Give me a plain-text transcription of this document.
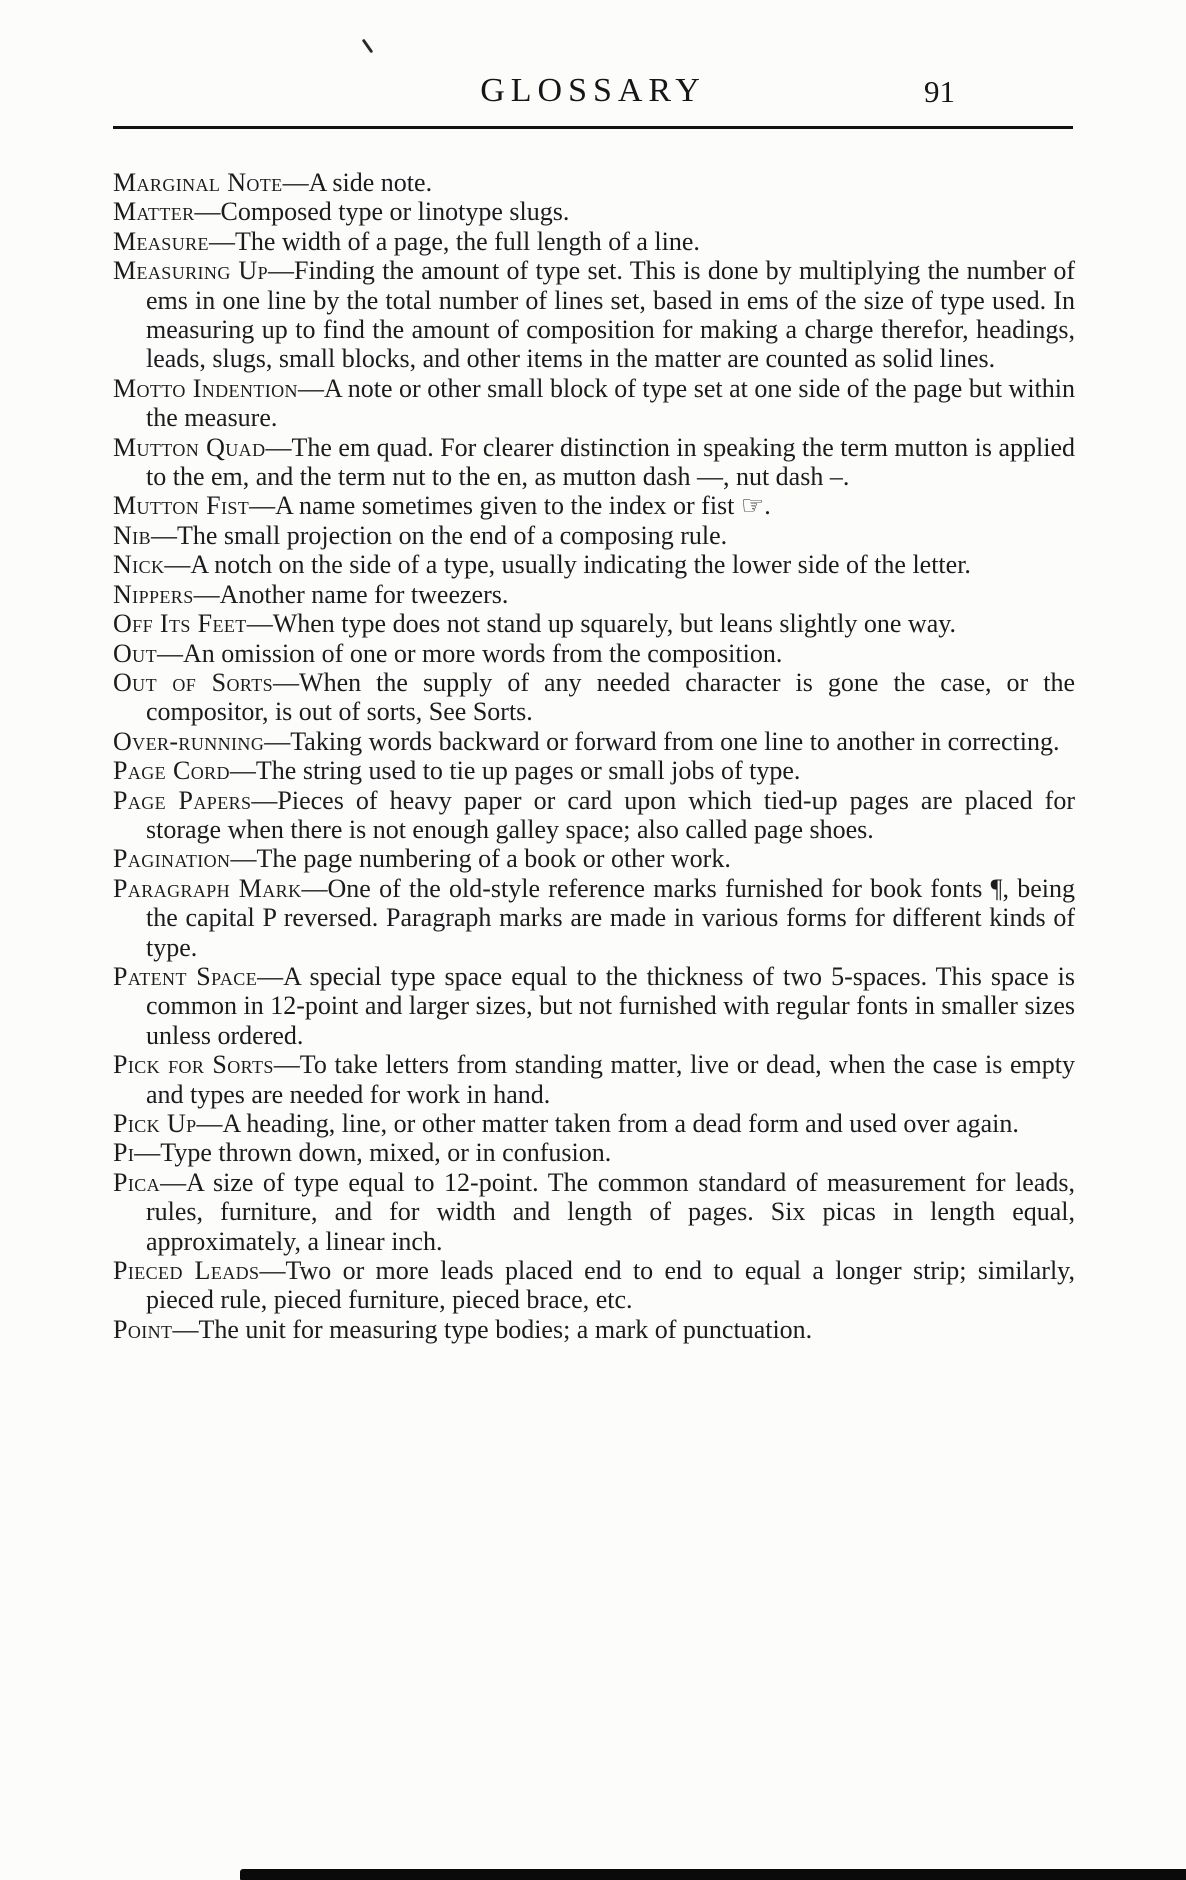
GLOSSARY	91

Marginal Note—A side note.

Matter—Composed type or linotype slugs.

Measure—The width of a page, the full length of a line.

Measuring Up—Finding the amount of type set. This is done by multiplying the number of ems in one line by the total number of lines set, based in ems of the size of type used. In measuring up to find the amount of composition for making a charge therefor, headings, leads, slugs, small blocks, and other items in the matter are counted as solid lines.

Motto Indention—A note or other small block of type set at one side of the page but within the measure.

Mutton Quad—The em quad. For clearer distinction in speaking the term mutton is applied to the em, and the term nut to the en, as mutton dash —, nut dash –.

Mutton Fist—A name sometimes given to the index or fist ☞.

Nib—The small projection on the end of a composing rule.

Nick—A notch on the side of a type, usually indicating the lower side of the letter.

Nippers—Another name for tweezers.

Off Its Feet—When type does not stand up squarely, but leans slightly one way.

Out—An omission of one or more words from the composition.

Out of Sorts—When the supply of any needed character is gone the case, or the compositor, is out of sorts, See Sorts.

Over-running—Taking words backward or forward from one line to another in correcting.

Page Cord—The string used to tie up pages or small jobs of type.

Page Papers—Pieces of heavy paper or card upon which tied-up pages are placed for storage when there is not enough galley space; also called page shoes.

Pagination—The page numbering of a book or other work.

Paragraph Mark—One of the old-style reference marks furnished for book fonts ¶, being the capital P reversed. Paragraph marks are made in various forms for different kinds of type.

Patent Space—A special type space equal to the thickness of two 5-spaces. This space is common in 12-point and larger sizes, but not furnished with regular fonts in smaller sizes unless ordered.

Pick for Sorts—To take letters from standing matter, live or dead, when the case is empty and types are needed for work in hand.

Pick Up—A heading, line, or other matter taken from a dead form and used over again.

Pi—Type thrown down, mixed, or in confusion.

Pica—A size of type equal to 12-point. The common standard of measurement for leads, rules, furniture, and for width and length of pages. Six picas in length equal, approximately, a linear inch.

Pieced Leads—Two or more leads placed end to end to equal a longer strip; similarly, pieced rule, pieced furniture, pieced brace, etc.

Point—The unit for measuring type bodies; a mark of punctuation.
